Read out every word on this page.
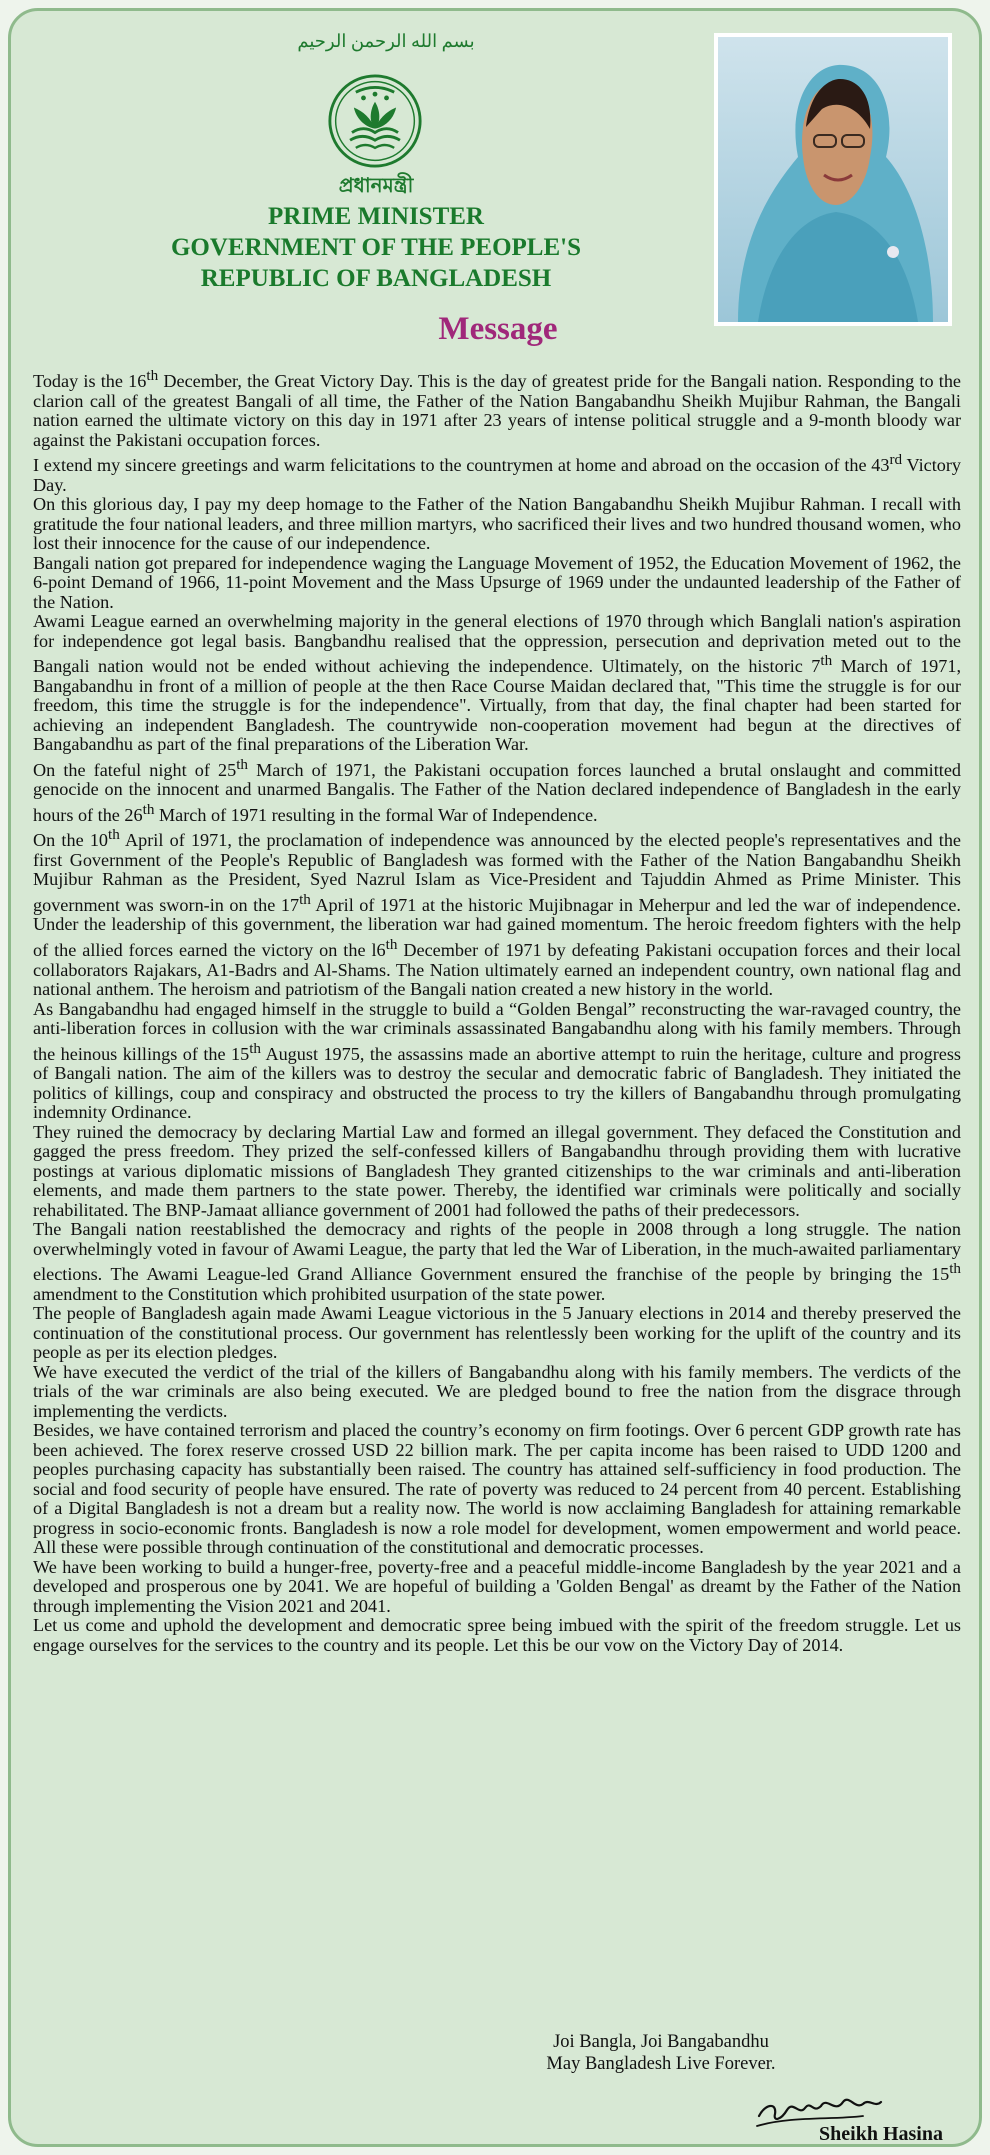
بسم الله الرحمن الرحيم
প্রধানমন্ত্রী
PRIME MINISTER
GOVERNMENT OF THE PEOPLE'S
REPUBLIC OF BANGLADESH
Message

Today is the 16th December, the Great Victory Day. This is the day of greatest pride for the Bangali nation. Responding to the clarion call of the greatest Bangali of all time, the Father of the Nation Bangabandhu Sheikh Mujibur Rahman, the Bangali nation earned the ultimate victory on this day in 1971 after 23 years of intense political struggle and a 9-month bloody war against the Pakistani occupation forces.

I extend my sincere greetings and warm felicitations to the countrymen at home and abroad on the occasion of the 43rd Victory Day.

On this glorious day, I pay my deep homage to the Father of the Nation Bangabandhu Sheikh Mujibur Rahman. I recall with gratitude the four national leaders, and three million martyrs, who sacrificed their lives and two hundred thousand women, who lost their innocence for the cause of our independence.

Bangali nation got prepared for independence waging the Language Movement of 1952, the Education Movement of 1962, the 6-point Demand of 1966, 11-point Movement and the Mass Upsurge of 1969 under the undaunted leadership of the Father of the Nation.

Awami League earned an overwhelming majority in the general elections of 1970 through which Banglali nation's aspiration for independence got legal basis. Bangbandhu realised that the oppression, persecution and deprivation meted out to the Bangali nation would not be ended without achieving the independence. Ultimately, on the historic 7th March of 1971, Bangabandhu in front of a million of people at the then Race Course Maidan declared that, "This time the struggle is for our freedom, this time the struggle is for the independence". Virtually, from that day, the final chapter had been started for achieving an independent Bangladesh. The countrywide non-cooperation movement had begun at the directives of Bangabandhu as part of the final preparations of the Liberation War.

On the fateful night of 25th March of 1971, the Pakistani occupation forces launched a brutal onslaught and committed genocide on the innocent and unarmed Bangalis. The Father of the Nation declared independence of Bangladesh in the early hours of the 26th March of 1971 resulting in the formal War of Independence.

On the 10th April of 1971, the proclamation of independence was announced by the elected people's representatives and the first Government of the People's Republic of Bangladesh was formed with the Father of the Nation Bangabandhu Sheikh Mujibur Rahman as the President, Syed Nazrul Islam as Vice-President and Tajuddin Ahmed as Prime Minister. This government was sworn-in on the 17th April of 1971 at the historic Mujibnagar in Meherpur and led the war of independence. Under the leadership of this government, the liberation war had gained momentum. The heroic freedom fighters with the help of the allied forces earned the victory on the l6th December of 1971 by defeating Pakistani occupation forces and their local collaborators Rajakars, A1-Badrs and Al-Shams. The Nation ultimately earned an independent country, own national flag and national anthem. The heroism and patriotism of the Bangali nation created a new history in the world.

As Bangabandhu had engaged himself in the struggle to build a “Golden Bengal” reconstructing the war-ravaged country, the anti-liberation forces in collusion with the war criminals assassinated Bangabandhu along with his family members. Through the heinous killings of the 15th August 1975, the assassins made an abortive attempt to ruin the heritage, culture and progress of Bangali nation. The aim of the killers was to destroy the secular and democratic fabric of Bangladesh. They initiated the politics of killings, coup and conspiracy and obstructed the process to try the killers of Bangabandhu through promulgating indemnity Ordinance.

They ruined the democracy by declaring Martial Law and formed an illegal government. They defaced the Constitution and gagged the press freedom. They prized the self-confessed killers of Bangabandhu through providing them with lucrative postings at various diplomatic missions of Bangladesh They granted citizenships to the war criminals and anti-liberation elements, and made them partners to the state power. Thereby, the identified war criminals were politically and socially rehabilitated. The BNP-Jamaat alliance government of 2001 had followed the paths of their predecessors.

The Bangali nation reestablished the democracy and rights of the people in 2008 through a long struggle. The nation overwhelmingly voted in favour of Awami League, the party that led the War of Liberation, in the much-awaited parliamentary elections. The Awami League-led Grand Alliance Government ensured the franchise of the people by bringing the 15th amendment to the Constitution which prohibited usurpation of the state power.

The people of Bangladesh again made Awami League victorious in the 5 January elections in 2014 and thereby preserved the continuation of the constitutional process. Our government has relentlessly been working for the uplift of the country and its people as per its election pledges.

We have executed the verdict of the trial of the killers of Bangabandhu along with his family members. The verdicts of the trials of the war criminals are also being executed. We are pledged bound to free the nation from the disgrace through implementing the verdicts.

Besides, we have contained terrorism and placed the country’s economy on firm footings. Over 6 percent GDP growth rate has been achieved. The forex reserve crossed USD 22 billion mark. The per capita income has been raised to UDD 1200 and peoples purchasing capacity has substantially been raised. The country has attained self-sufficiency in food production. The social and food security of people have ensured. The rate of poverty was reduced to 24 percent from 40 percent. Establishing of a Digital Bangladesh is not a dream but a reality now. The world is now acclaiming Bangladesh for attaining remarkable progress in socio-economic fronts. Bangladesh is now a role model for development, women empowerment and world peace. All these were possible through continuation of the constitutional and democratic processes.

We have been working to build a hunger-free, poverty-free and a peaceful middle-income Bangladesh by the year 2021 and a developed and prosperous one by 2041. We are hopeful of building a 'Golden Bengal' as dreamt by the Father of the Nation through implementing the Vision 2021 and 2041.

Let us come and uphold the development and democratic spree being imbued with the spirit of the freedom struggle. Let us engage ourselves for the services to the country and its people. Let this be our vow on the Victory Day of 2014.

Joi Bangla, Joi Bangabandhu
May Bangladesh Live Forever.
Sheikh Hasina
